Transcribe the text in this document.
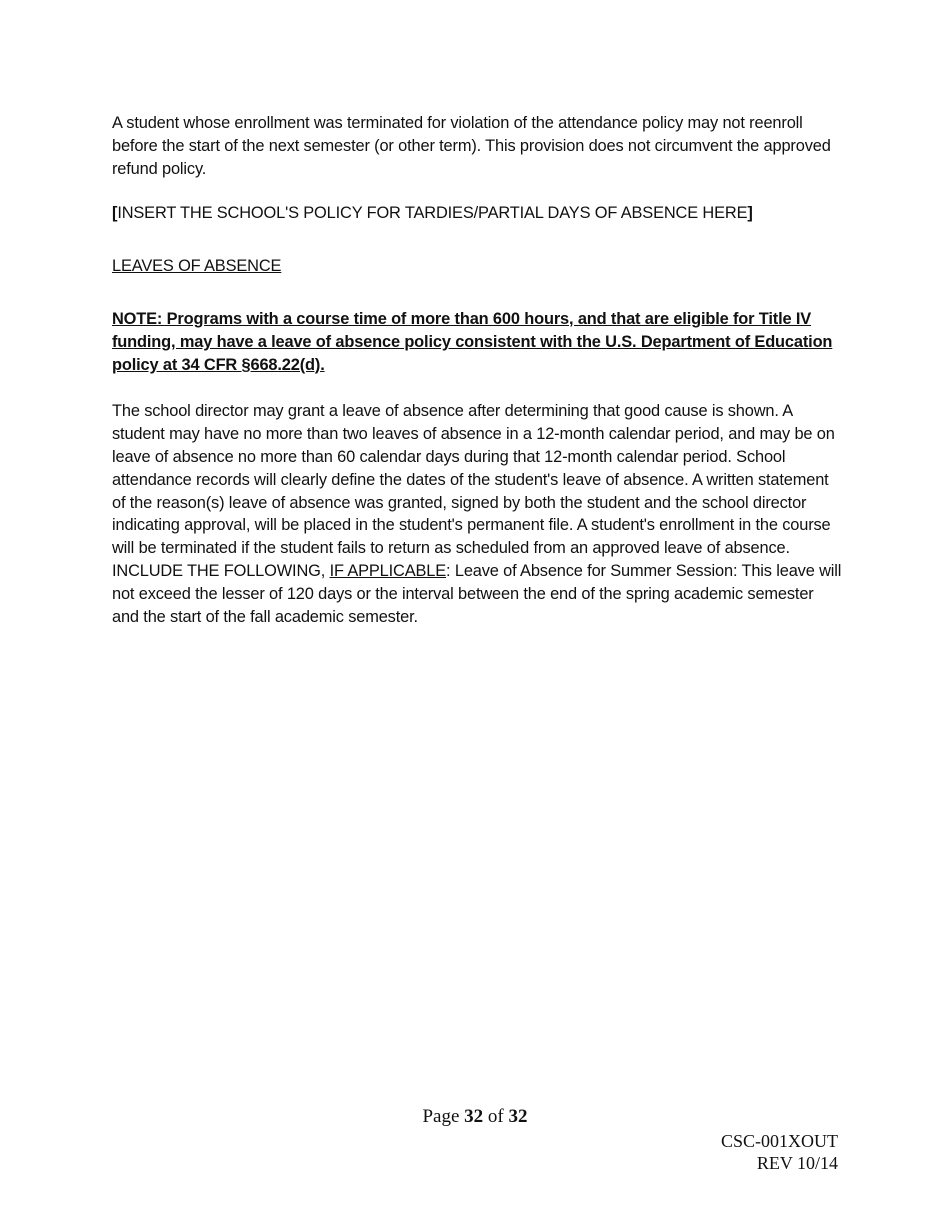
A student whose enrollment was terminated for violation of the attendance policy may not reenroll before the start of the next semester (or other term). This provision does not circumvent the approved refund policy.

[INSERT THE SCHOOL'S POLICY FOR TARDIES/PARTIAL DAYS OF ABSENCE HERE]

LEAVES OF ABSENCE

NOTE: Programs with a course time of more than 600 hours, and that are eligible for Title IV funding, may have a leave of absence policy consistent with the U.S. Department of Education policy at 34 CFR §668.22(d).

The school director may grant a leave of absence after determining that good cause is shown. A student may have no more than two leaves of absence in a 12-month calendar period, and may be on leave of absence no more than 60 calendar days during that 12-month calendar period. School attendance records will clearly define the dates of the student's leave of absence. A written statement of the reason(s) leave of absence was granted, signed by both the student and the school director indicating approval, will be placed in the student's permanent file. A student's enrollment in the course will be terminated if the student fails to return as scheduled from an approved leave of absence. INCLUDE THE FOLLOWING, IF APPLICABLE: Leave of Absence for Summer Session: This leave will not exceed the lesser of 120 days or the interval between the end of the spring academic semester and the start of the fall academic semester.

Page 32 of 32
CSC-001XOUT
REV 10/14
